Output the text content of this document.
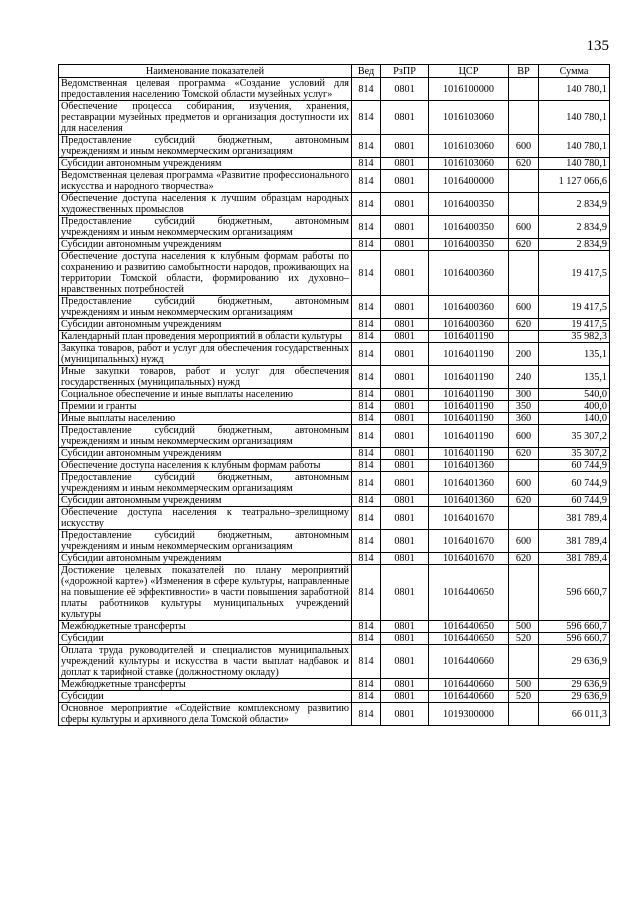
135
Наименование показателей	Вед	РзПР	ЦСР	ВР	Сумма
Ведомственная целевая программа «Создание условий для предоставления населению Томской области музейных услуг»	814	0801	1016100000		140 780,1
Обеспечение процесса собирания, изучения, хранения, реставрации музейных предметов и организация доступности их для населения	814	0801	1016103060		140 780,1
Предоставление субсидий бюджетным, автономным учреждениям и иным некоммерческим организациям	814	0801	1016103060	600	140 780,1
Субсидии автономным учреждениям	814	0801	1016103060	620	140 780,1
Ведомственная целевая программа «Развитие профессионального искусства и народного творчества»	814	0801	1016400000		1 127 066,6
Обеспечение доступа населения к лучшим образцам народных художественных промыслов	814	0801	1016400350		2 834,9
Предоставление субсидий бюджетным, автономным учреждениям и иным некоммерческим организациям	814	0801	1016400350	600	2 834,9
Субсидии автономным учреждениям	814	0801	1016400350	620	2 834,9
Обеспечение доступа населения к клубным формам работы по сохранению и развитию самобытности народов, проживающих на территории Томской области, формированию их духовно–нравственных потребностей	814	0801	1016400360		19 417,5
Предоставление субсидий бюджетным, автономным учреждениям и иным некоммерческим организациям	814	0801	1016400360	600	19 417,5
Субсидии автономным учреждениям	814	0801	1016400360	620	19 417,5
Календарный план проведения мероприятий в области культуры	814	0801	1016401190		35 982,3
Закупка товаров, работ и услуг для обеспечения государственных (муниципальных) нужд	814	0801	1016401190	200	135,1
Иные закупки товаров, работ и услуг для обеспечения государственных (муниципальных) нужд	814	0801	1016401190	240	135,1
Социальное обеспечение и иные выплаты населению	814	0801	1016401190	300	540,0
Премии и гранты	814	0801	1016401190	350	400,0
Иные выплаты населению	814	0801	1016401190	360	140,0
Предоставление субсидий бюджетным, автономным учреждениям и иным некоммерческим организациям	814	0801	1016401190	600	35 307,2
Субсидии автономным учреждениям	814	0801	1016401190	620	35 307,2
Обеспечение доступа населения к клубным формам работы	814	0801	1016401360		60 744,9
Предоставление субсидий бюджетным, автономным учреждениям и иным некоммерческим организациям	814	0801	1016401360	600	60 744,9
Субсидии автономным учреждениям	814	0801	1016401360	620	60 744,9
Обеспечение доступа населения к театрально–зрелищному искусству	814	0801	1016401670		381 789,4
Предоставление субсидий бюджетным, автономным учреждениям и иным некоммерческим организациям	814	0801	1016401670	600	381 789,4
Субсидии автономным учреждениям	814	0801	1016401670	620	381 789,4
Достижение целевых показателей по плану мероприятий («дорожной карте») «Изменения в сфере культуры, направленные на повышение её эффективности» в части повышения заработной платы работников культуры муниципальных учреждений культуры	814	0801	1016440650		596 660,7
Межбюджетные трансферты	814	0801	1016440650	500	596 660,7
Субсидии	814	0801	1016440650	520	596 660,7
Оплата труда руководителей и специалистов муниципальных учреждений культуры и искусства в части выплат надбавок и доплат к тарифной ставке (должностному окладу)	814	0801	1016440660		29 636,9
Межбюджетные трансферты	814	0801	1016440660	500	29 636,9
Субсидии	814	0801	1016440660	520	29 636,9
Основное мероприятие «Содействие комплексному развитию сферы культуры и архивного дела Томской области»	814	0801	1019300000		66 011,3
